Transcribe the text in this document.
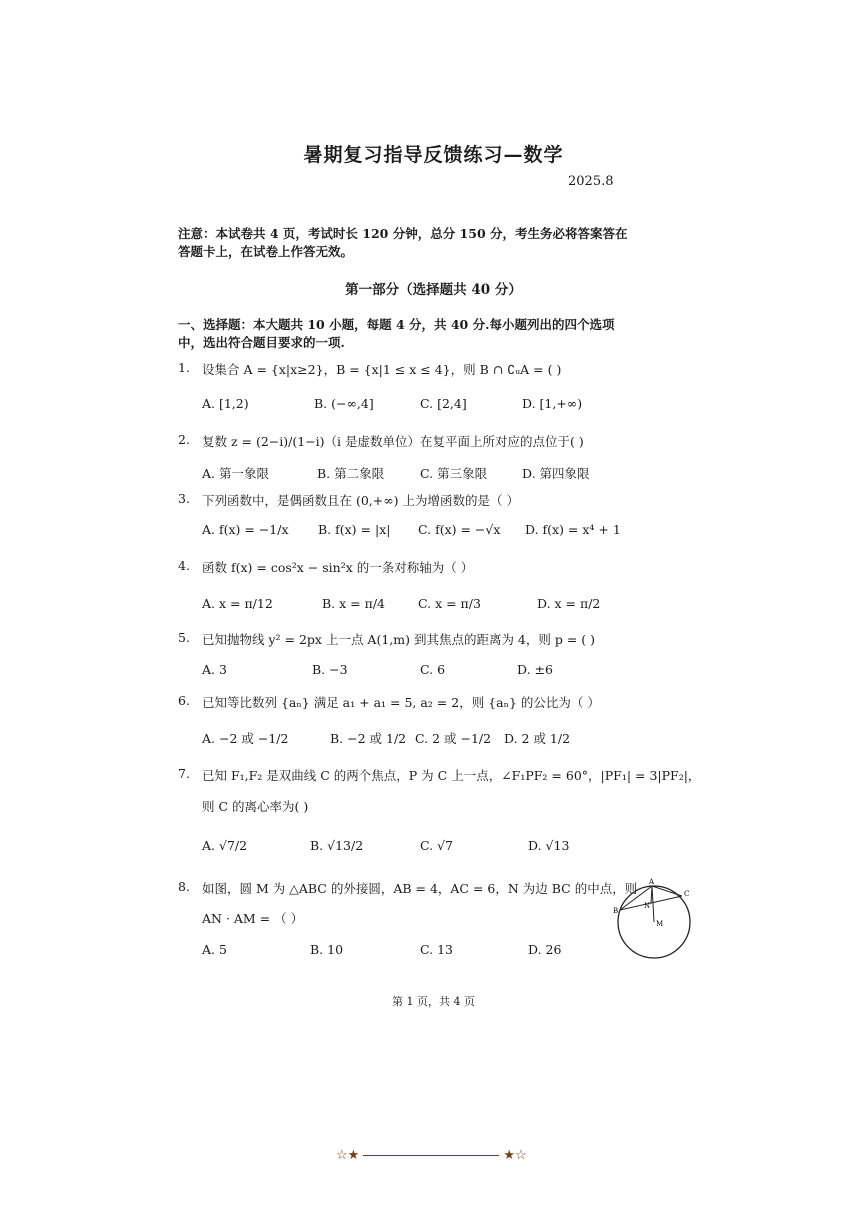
暑期复习指导反馈练习—数学
2025.8
注意：本试卷共 4 页，考试时长 120 分钟，总分 150 分，考生务必将答案答在答题卡上，在试卷上作答无效。
第一部分（选择题共 40 分）
一、选择题：本大题共 10 小题，每题 4 分，共 40 分.每小题列出的四个选项中，选出符合题目要求的一项.
1. 设集合 A = {x|x≥2}，B = {x|1 ≤ x ≤ 4}，则 B ∩ ∁ᵤA = ( )
A. [1,2)	B. (−∞,4]	C. [2,4]	D. [1,+∞)
2. 复数 z = (2−i)/(1−i)（i 是虚数单位）在复平面上所对应的点位于( )
A. 第一象限	B. 第二象限	C. 第三象限	D. 第四象限
3. 下列函数中，是偶函数且在 (0,+∞) 上为增函数的是（ ）
A. f(x) = −1/x B. f(x) = |x| C. f(x) = −√x D. f(x) = x⁴ + 1
4. 函数 f(x) = cos²x − sin²x 的一条对称轴为（ ）
A. x = π/12	B. x = π/4	C. x = π/3	D. x = π/2
5. 已知抛物线 y² = 2px 上一点 A(1,m) 到其焦点的距离为 4，则 p = ( )
A. 3	B. −3	C. 6	D. ±6
6. 已知等比数列 {aₙ} 满足 a₁ + a₁ = 5, a₂ = 2，则 {aₙ} 的公比为（ ）
A. −2 或 −1/2	B. −2 或 1/2 C. 2 或 −1/2 D. 2 或 1/2
7. 已知 F₁,F₂ 是双曲线 C 的两个焦点，P 为 C 上一点，∠F₁PF₂ = 60°，|PF₁| = 3|PF₂|，
则 C 的离心率为( )
A. √7/2	B. √13/2	C. √7	D. √13
8. 如图，圆 M 为 △ABC 的外接圆，AB = 4，AC = 6，N 为边 BC 的中点，则
AN · AM = （ ）
A. 5	B. 10	C. 13	D. 26
A
B
C
M
N
第 1 页，共 4 页
☆★	★☆
